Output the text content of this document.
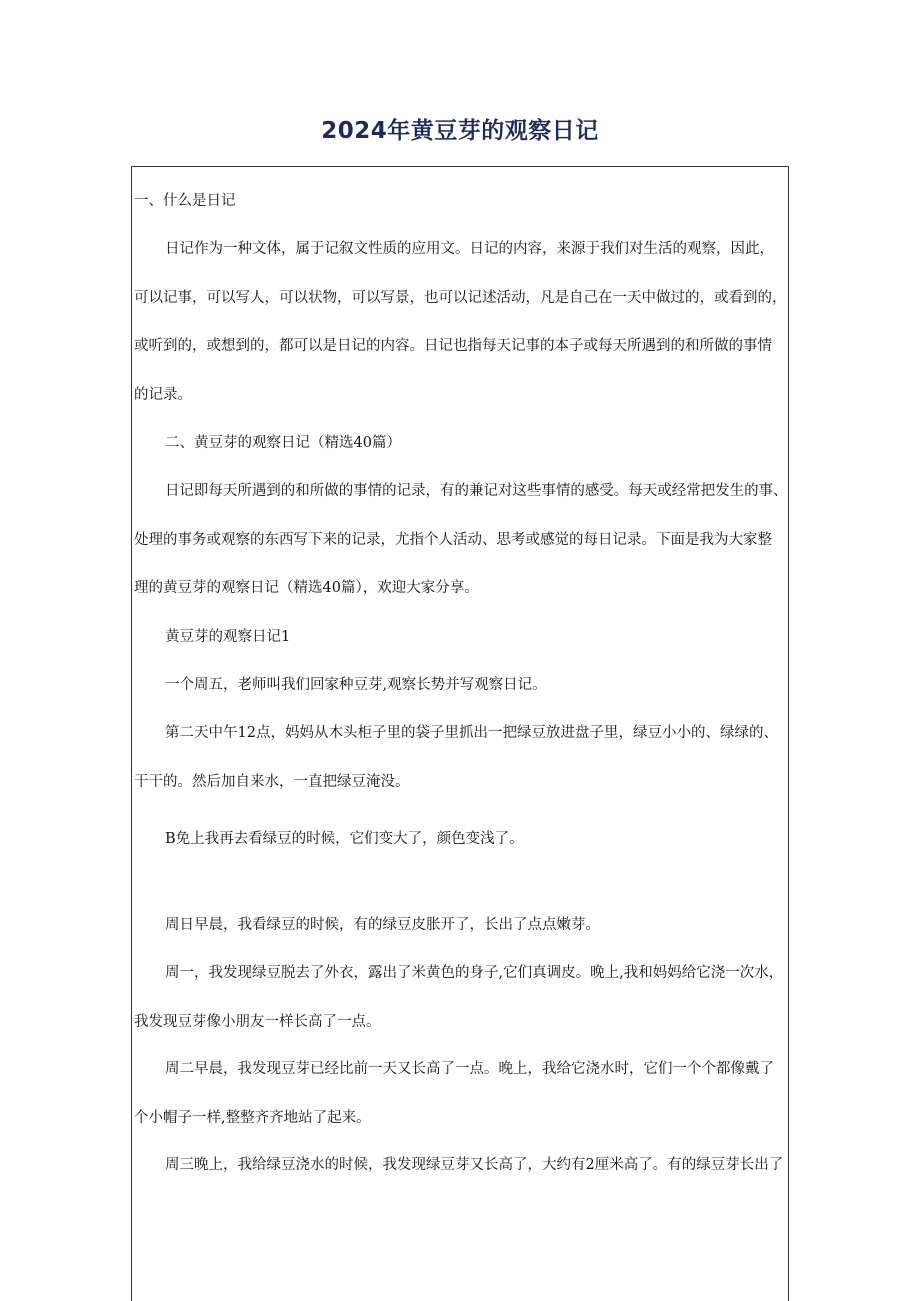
2024年黄豆芽的观察日记
一、什么是日记
日记作为一种文体，属于记叙文性质的应用文。日记的内容，来源于我们对生活的观察，因此，
可以记事，可以写人，可以状物，可以写景，也可以记述活动，凡是自己在一天中做过的，或看到的，
或听到的，或想到的，都可以是日记的内容。日记也指每天记事的本子或每天所遇到的和所做的事情
的记录。
二、黄豆芽的观察日记（精选40篇）
日记即每天所遇到的和所做的事情的记录，有的兼记对这些事情的感受。每天或经常把发生的事、
处理的事务或观察的东西写下来的记录，尤指个人活动、思考或感觉的每日记录。下面是我为大家整
理的黄豆芽的观察日记（精选40篇），欢迎大家分享。
黄豆芽的观察日记1
一个周五，老师叫我们回家种豆芽,观察长势并写观察日记。
第二天中午12点，妈妈从木头柜子里的袋子里抓出一把绿豆放进盘子里，绿豆小小的、绿绿的、
干干的。然后加自来水，一直把绿豆淹没。
B免上我再去看绿豆的时候，它们变大了，颜色变浅了。
周日早晨，我看绿豆的时候，有的绿豆皮胀开了，长出了点点嫩芽。
周一，我发现绿豆脱去了外衣，露出了米黄色的身子,它们真调皮。晚上,我和妈妈给它浇一次水，
我发现豆芽像小朋友一样长高了一点。
周二早晨，我发现豆芽已经比前一天又长高了一点。晚上，我给它浇水时，它们一个个都像戴了
个小帽子一样,整整齐齐地站了起来。
周三晚上，我给绿豆浇水的时候，我发现绿豆芽又长高了，大约有2厘米高了。有的绿豆芽长出了
